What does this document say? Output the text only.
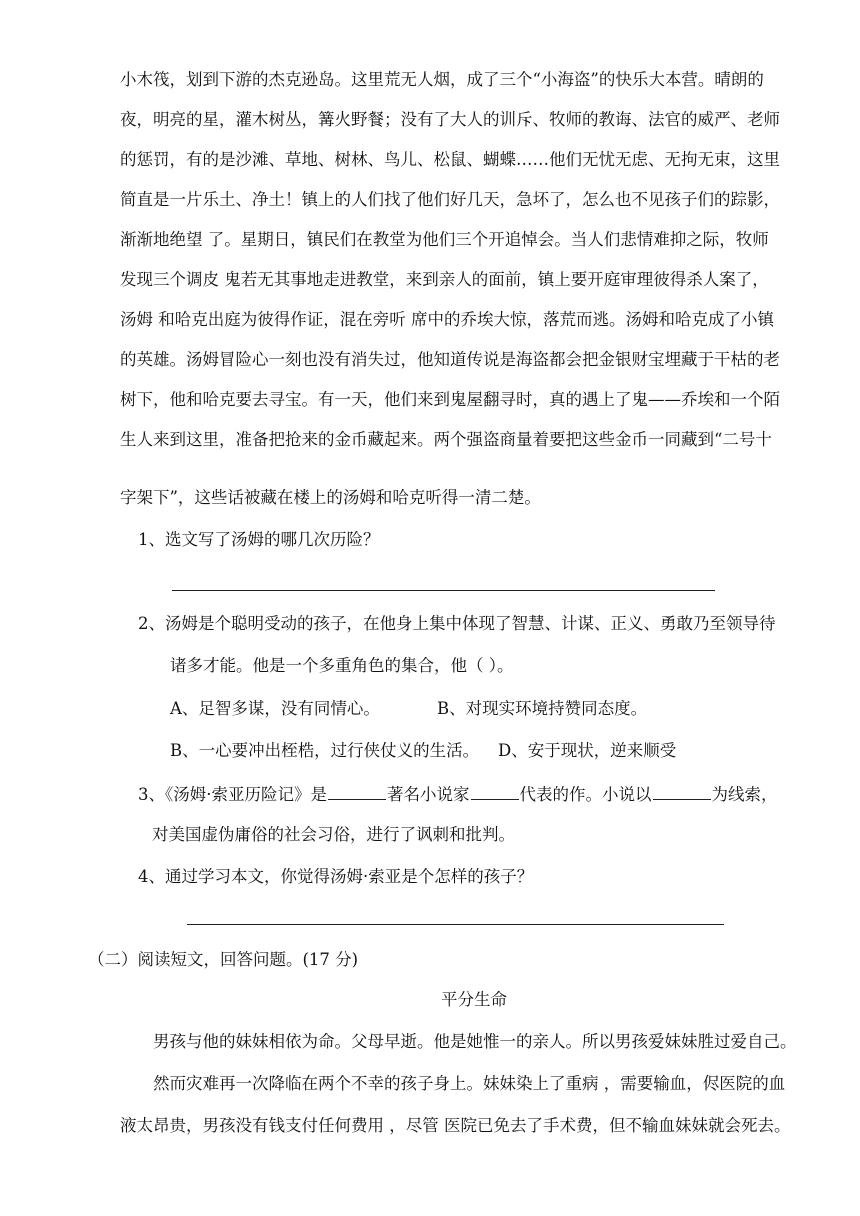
小木筏，划到下游的杰克逊岛。这里荒无人烟，成了三个“小海盗”的快乐大本营。晴朗的
夜，明亮的星，灌木树丛，篝火野餐；没有了大人的训斥、牧师的教诲、法官的威严、老师
的惩罚，有的是沙滩、草地、树林、鸟儿、松鼠、蝴蝶……他们无忧无虑、无拘无束，这里
简直是一片乐土、净土！镇上的人们找了他们好几天，急坏了，怎么也不见孩子们的踪影，
渐渐地绝望 了。星期日，镇民们在教堂为他们三个开追悼会。当人们悲情难抑之际，牧师
发现三个调皮 鬼若无其事地走进教堂，来到亲人的面前，镇上要开庭审理彼得杀人案了，
汤姆 和哈克出庭为彼得作证，混在旁听 席中的乔埃大惊，落荒而逃。汤姆和哈克成了小镇
的英雄。汤姆冒险心一刻也没有消失过，他知道传说是海盗都会把金银财宝埋藏于干枯的老
树下，他和哈克要去寻宝。有一天，他们来到鬼屋翻寻时，真的遇上了鬼——乔埃和一个陌
生人来到这里，准备把抢来的金币藏起来。两个强盗商量着要把这些金币一同藏到“二号十
字架下”，这些话被藏在楼上的汤姆和哈克听得一清二楚。
1、选文写了汤姆的哪几次历险？
2、汤姆是个聪明受动的孩子，在他身上集中体现了智慧、计谋、正义、勇敢乃至领导待
诸多才能。他是一个多重角色的集合，他（ ）。
A、足智多谋，没有同情心。	B、对现实环境持赞同态度。
B、一心要冲出桎梏，过行侠仗义的生活。 D、安于现状，逆来顺受
3、《汤姆·索亚历险记》是	著名小说家	代表的作。小说以	为线索，
对美国虚伪庸俗的社会习俗，进行了讽刺和批判。
4、通过学习本文，你觉得汤姆·索亚是个怎样的孩子？
（二）阅读短文，回答问题。(17 分)
平分生命
男孩与他的妹妹相依为命。父母早逝。他是她惟一的亲人。所以男孩爱妹妹胜过爱自己。
然而灾难再一次降临在两个不幸的孩子身上。妹妹染上了重病 ，需要输血，侭医院的血
液太昂贵，男孩没有钱支付任何费用 ，尽管 医院已免去了手术费，但不输血妹妹就会死去。
